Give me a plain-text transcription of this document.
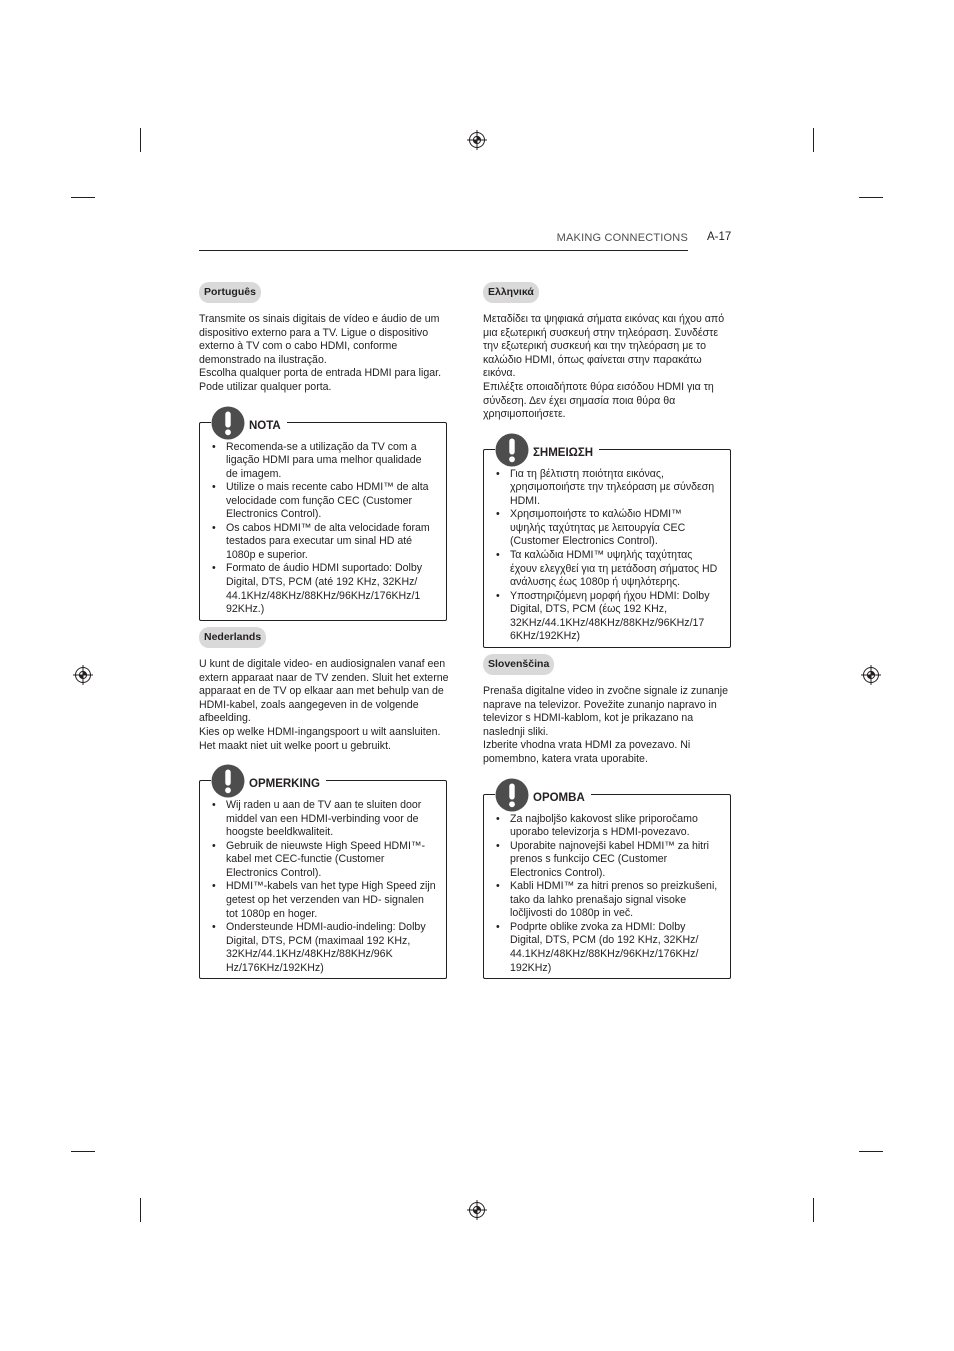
MAKING CONNECTIONS A-17
Português

Transmite os sinais digitais de vídeo e áudio de um dispositivo externo para a TV. Ligue o dispositivo externo à TV com o cabo HDMI, conforme demonstrado na ilustração.

Escolha qualquer porta de entrada HDMI para ligar. Pode utilizar qualquer porta.

NOTA
• Recomenda-se a utilização da TV com a ligação HDMI para uma melhor qualidade de imagem.
• Utilize o mais recente cabo HDMI™ de alta velocidade com função CEC (Customer Electronics Control).
• Os cabos HDMI™ de alta velocidade foram testados para executar um sinal HD até 1080p e superior.
• Formato de áudio HDMI suportado: Dolby Digital, DTS, PCM (até 192 KHz, 32KHz/ 44.1KHz/48KHz/88KHz/96KHz/176KHz/1 92KHz.)
Nederlands

U kunt de digitale video- en audiosignalen vanaf een extern apparaat naar de TV zenden. Sluit het externe apparaat en de TV op elkaar aan met behulp van de HDMI-kabel, zoals aangegeven in de volgende afbeelding.

Kies op welke HDMI-ingangspoort u wilt aansluiten. Het maakt niet uit welke poort u gebruikt.

OPMERKING
• Wij raden u aan de TV aan te sluiten door middel van een HDMI-verbinding voor de hoogste beeldkwaliteit.
• Gebruik de nieuwste High Speed HDMI™-kabel met CEC-functie (Customer Electronics Control).
• HDMI™-kabels van het type High Speed zijn getest op het verzenden van HD- signalen tot 1080p en hoger.
• Ondersteunde HDMI-audio-indeling: Dolby Digital, DTS, PCM (maximaal 192 KHz, 32KHz/44.1KHz/48KHz/88KHz/96K Hz/176KHz/192KHz)
Ελληνικά

Μεταδίδει τα ψηφιακά σήματα εικόνας και ήχου από μια εξωτερική συσκευή στην τηλεόραση. Συνδέστε την εξωτερική συσκευή και την τηλεόραση με το καλώδιο HDMI, όπως φαίνεται στην παρακάτω εικόνα.

Επιλέξτε οποιαδήποτε θύρα εισόδου HDMI για τη σύνδεση. Δεν έχει σημασία ποια θύρα θα χρησιμοποιήσετε.

ΣΗΜΕΙΩΣΗ
• Για τη βέλτιστη ποιότητα εικόνας, χρησιμοποιήστε την τηλεόραση με σύνδεση HDMI.
• Χρησιμοποιήστε το καλώδιο HDMI™ υψηλής ταχύτητας με λειτουργία CEC (Customer Electronics Control).
• Τα καλώδια HDMI™ υψηλής ταχύτητας έχουν ελεγχθεί για τη μετάδοση σήματος HD ανάλυσης έως 1080p ή υψηλότερης.
• Υποστηριζόμενη μορφή ήχου HDMI: Dolby Digital, DTS, PCM (έως 192 KHz, 32KHz/44.1KHz/48KHz/88KHz/96KHz/17 6KHz/192KHz)
Slovenščina

Prenaša digitalne video in zvočne signale iz zunanje naprave na televizor. Povežite zunanjo napravo in televizor s HDMI-kablom, kot je prikazano na naslednji sliki.

Izberite vhodna vrata HDMI za povezavo. Ni pomembno, katera vrata uporabite.

OPOMBA
• Za najboljšo kakovost slike priporočamo uporabo televizorja s HDMI-povezavo.
• Uporabite najnovejši kabel HDMI™ za hitri prenos s funkcijo CEC (Customer Electronics Control).
• Kabli HDMI™ za hitri prenos so preizkušeni, tako da lahko prenašajo signal visoke ločljivosti do 1080p in več.
• Podprte oblike zvoka za HDMI: Dolby Digital, DTS, PCM (do 192 KHz, 32KHz/ 44.1KHz/48KHz/88KHz/96KHz/176KHz/ 192KHz)
